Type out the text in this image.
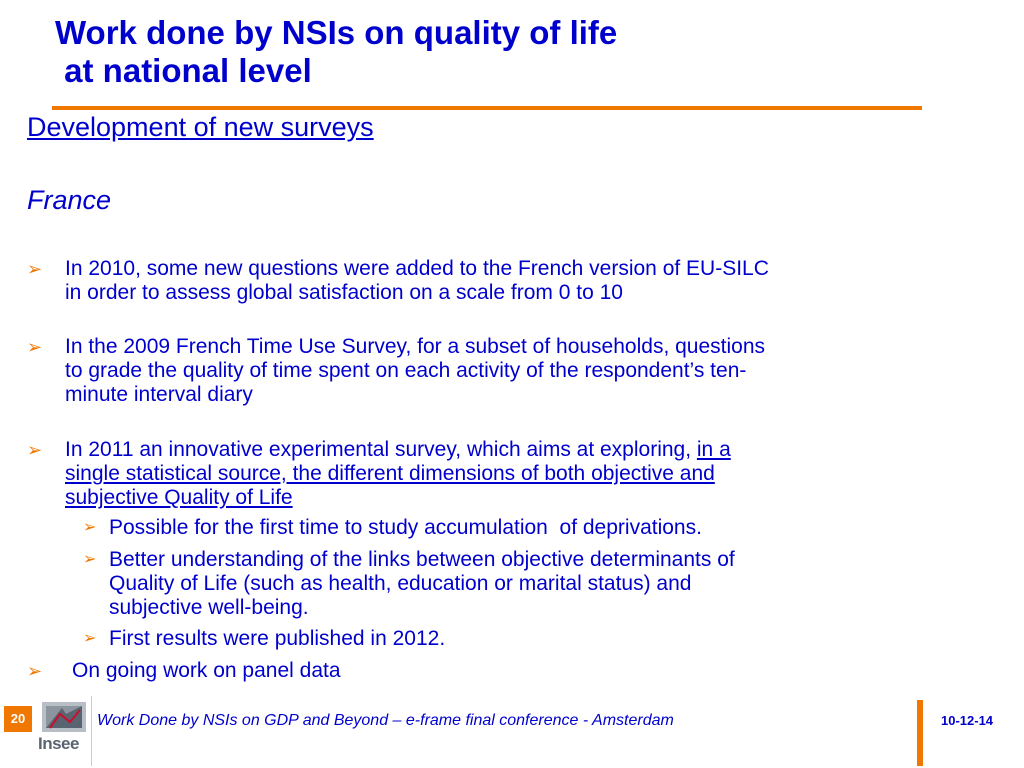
Work done by NSIs on quality of life
at national level
Development of new surveys
France
➢ In 2010, some new questions were added to the French version of EU-SILC
in order to assess global satisfaction on a scale from 0 to 10
➢ In the 2009 French Time Use Survey, for a subset of households, questions
to grade the quality of time spent on each activity of the respondent’s ten-
minute interval diary
➢ In 2011 an innovative experimental survey, which aims at exploring, in a
single statistical source, the different dimensions of both objective and
subjective Quality of Life
➢ Possible for the first time to study accumulation  of deprivations.
➢ Better understanding of the links between objective determinants of
Quality of Life (such as health, education or marital status) and
subjective well-being.
➢ First results were published in 2012.
➢ On going work on panel data
20
Insee
Work Done by NSIs on GDP and Beyond – e-frame final conference - Amsterdam	10-12-14
